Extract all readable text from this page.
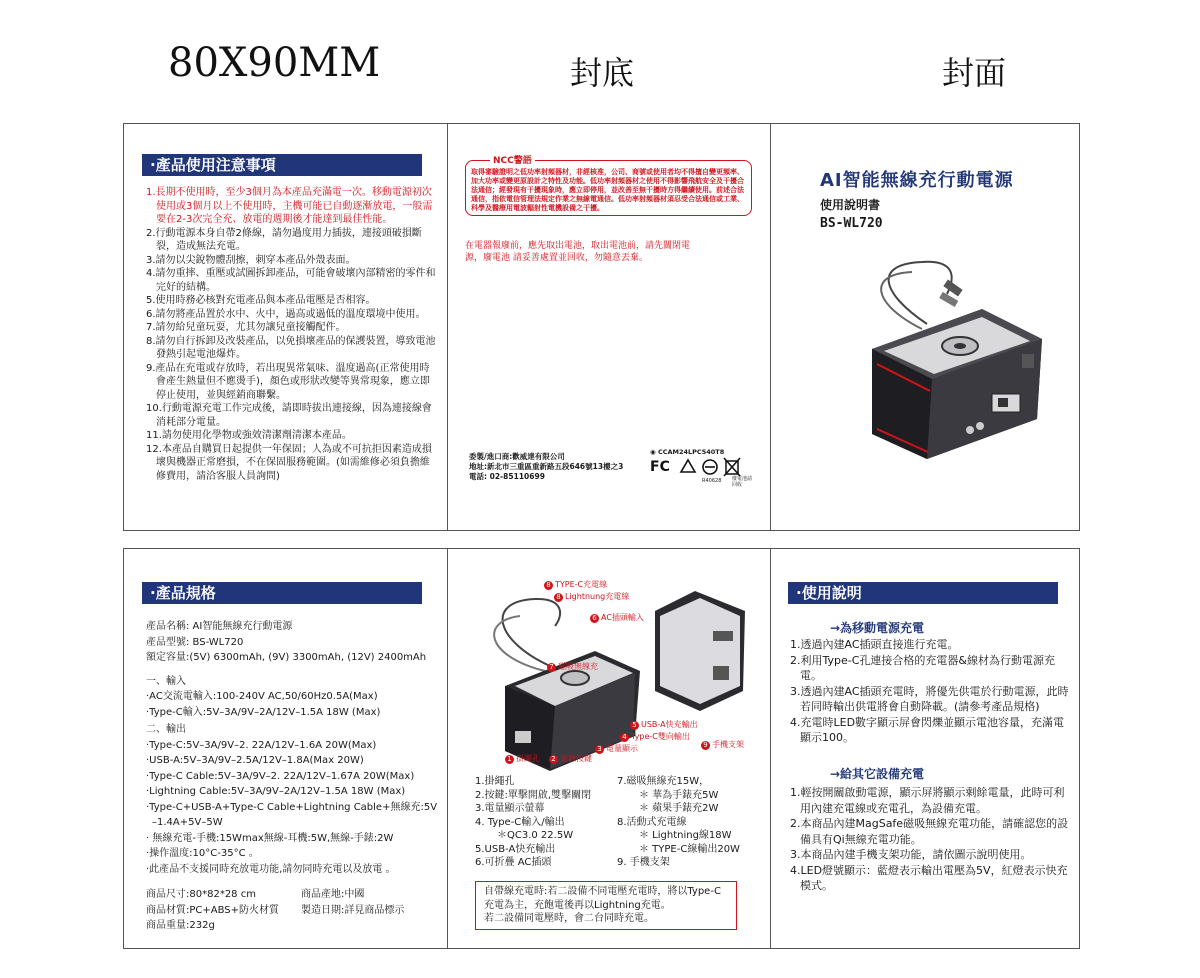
80X90MM	封底	封面
·產品使用注意事項
1.長期不使用時，至少3個月為本產品充滿電一次。移動電源初次使用或3個月以上不使用時，主機可能已自動逐漸放電，一般需要在2-3次完全充、放電的週期後才能達到最佳性能。
2.行動電源本身自帶2條線，請勿過度用力插拔，連接頭破損斷裂，造成無法充電。
3.請勿以尖銳物體刮擦，刺穿本產品外殼表面。
4.請勿重摔、重壓或試圖拆卸產品，可能會破壞內部精密的零件和完好的結構。
5.使用時務必核對充電產品與本產品電壓是否相容。
6.請勿將產品置於水中、火中，過高或過低的溫度環境中使用。
7.請勿給兒童玩耍，尤其勿讓兒童接觸配件。
8.請勿自行拆卸及改裝產品，以免損壞產品的保護裝置，導致電池發熱引起電池爆炸。
9.產品在充電或存放時，若出現異常氣味、溫度過高(正常使用時會產生熱量但不應燙手)，顏色或形狀改變等異常現象，應立即停止使用，並與經銷商聯繫。
10.行動電源充電工作完成後，請即時拔出連接線，因為連接線會消耗部分電量。
11.請勿使用化學物或強效清潔劑清潔本產品。
12.本產品自購買日起提供一年保固；人為或不可抗拒因素造成損壞與機器正常磨損，不在保固服務範圍。(如需維修必須負擔維修費用，請洽客服人員詢問)
NCC警語
取得審驗證明之低功率射頻器材，非經核准，公司、商號或使用者均不得擅自變更頻率、加大功率或變更原設計之特性及功能。低功率射頻器材之使用不得影響飛航安全及干擾合法通信；經發現有干擾現象時，應立即停用，並改善至無干擾時方得繼續使用。前述合法通信，指依電信管理法規定作業之無線電通信。低功率射頻器材須忍受合法通信或工業、科學及醫療用電波輻射性電機設備之干擾。
在電器報廢前，應先取出電池，取出電池前，請先關閉電源，廢電池 請妥善處置並回收，勿隨意丟棄。
委製/進口商:歡威達有限公司
地址:新北市三重區重新路五段646號13樓之3
電話: 02-85110699
◉ CCAM24LPC540T8
FC
R40628 廢電池請回收
AI智能無線充行動電源
使用說明書
BS-WL720
·產品規格
產品名稱: AI智能無線充行動電源
產品型號: BS-WL720
額定容量:(5V) 6300mAh, (9V) 3300mAh, (12V) 2400mAh
一、輸入
·AC交流電輸入:100-240V AC,50/60Hz0.5A(Max)
·Type-C輸入:5V–3A/9V–2A/12V–1.5A 18W (Max)
二、輸出
·Type-C:5V–3A/9V–2. 22A/12V–1.6A 20W(Max)
·USB-A:5V–3A/9V–2.5A/12V–1.8A(Max 20W)
·Type-C Cable:5V–3A/9V–2. 22A/12V–1.67A 20W(Max)
·Lightning Cable:5V–3A/9V–2A/12V–1.5A 18W (Max)
·Type-C+USB-A+Type-C Cable+Lightning Cable+無線充:5V
–1.4A+5V–5W
· 無線充電-手機:15Wmax無線-耳機:5W,無線-手錶:2W
·操作溫度:10°C-35°C 。
·此產品不支援同時充放電功能,請勿同時充電以及放電 。
商品尺寸:80*82*28 cm	商品產地:中國
商品材質:PC+ABS+防火材質	製造日期:詳見商品標示
商品重量:232g
8 TYPE-C充電線
8 Lightnung充電線
6 AC插頭輸入
7 磁吸無線充
5 USB-A快充輸出
4 Type-C雙向輸出
3 電量顯示
2 電源按鍵
1 掛繩孔
9 手機支架
1.掛繩孔
2.按鍵:單擊開啟,雙擊關閉
3.電量顯示螢幕
4. Type-C輸入/輸出
＊QC3.0 22.5W
5.USB-A快充輸出
6.可折疊 AC插頭
7.磁吸無線充15W，
＊ 華為手錶充5W
＊ 蘋果手錶充2W
8.活動式充電線
＊ Lightning線18W
＊ TYPE-C線輸出20W
9. 手機支架
自帶線充電時:若二設備不同電壓充電時，將以Type-C
充電為主，充飽電後再以Lightning充電。
若二設備同電壓時，會二台同時充電。
·使用說明
→為移動電源充電
1.透過內建AC插頭直接進行充電。
2.利用Type-C孔連接合格的充電器&線材為行動電源充電。
3.透過內建AC插頭充電時，將優先供電於行動電源，此時若同時輸出供電將會自動降載。(請參考產品規格)
4.充電時LED數字顯示屏會閃爍並顯示電池容量，充滿電顯示100。
→給其它設備充電
1.輕按開關啟動電源，顯示屏將顯示剩餘電量，此時可利用內建充電線或充電孔，為設備充電。
2.本商品內建MagSafe磁吸無線充電功能，請確認您的設備具有Qi無線充電功能。
3.本商品內建手機支架功能，請依圖示說明使用。
4.LED燈號顯示：藍燈表示輸出電壓為5V，紅燈表示快充模式。
